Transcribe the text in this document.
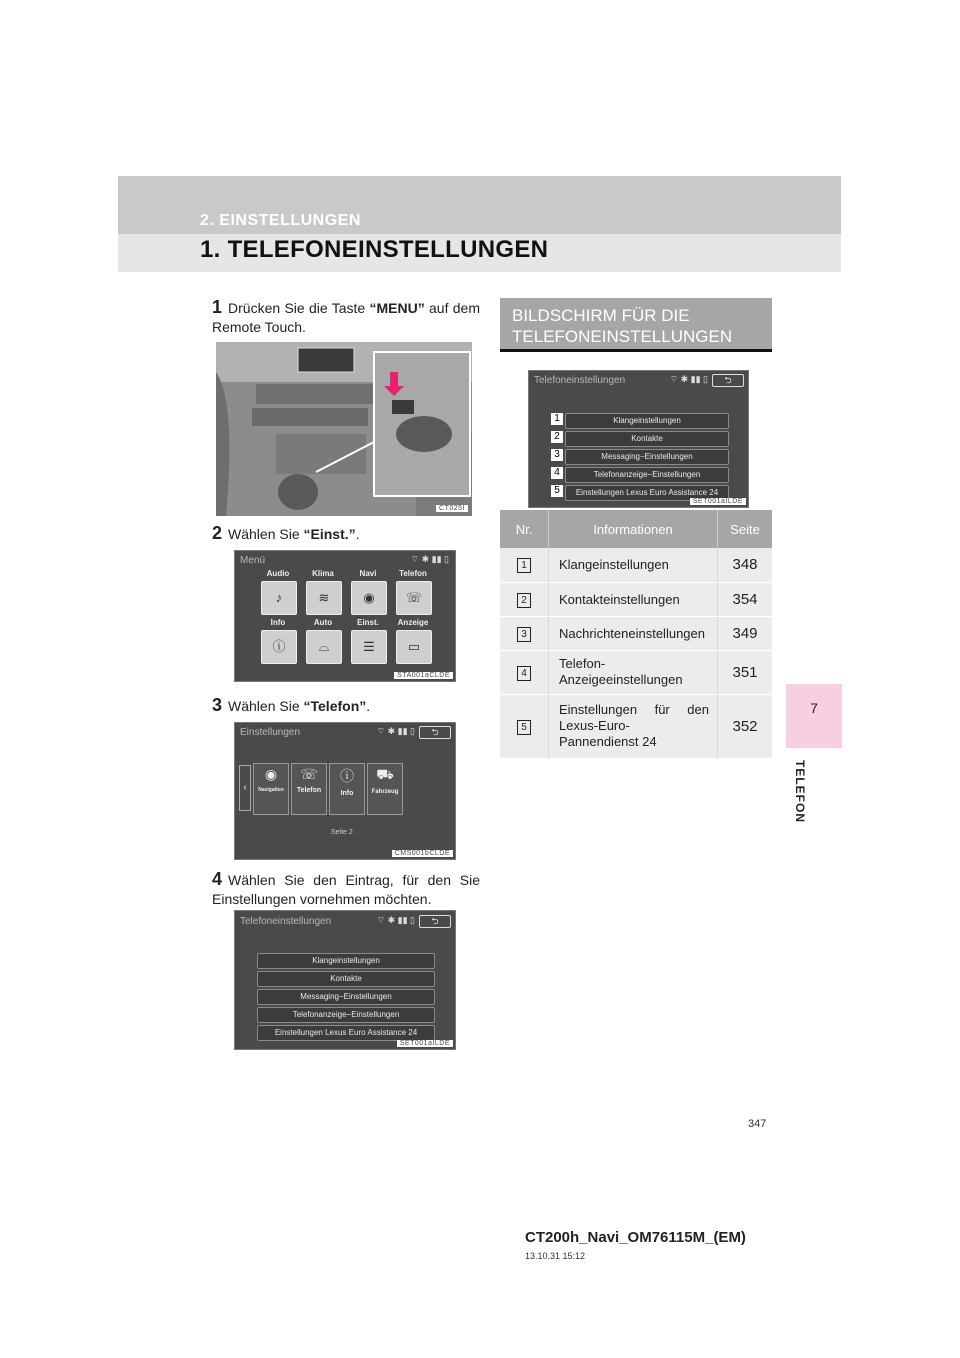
2. EINSTELLUNGEN
1. TELEFONEINSTELLUNGEN
7
TELEFON
1 Drücken Sie die Taste “MENU” auf dem Remote Touch.
CT025I
2 Wählen Sie “Einst.”.
Menü	⌔ ✱ ▮▮ ▯
Audio	Klima	Navi	Telefon
♪	≋	◉	☏
Info	Auto	Einst.	Anzeige
ⓘ	⌓	☰	▭
STA001aCLDE
3 Wählen Sie “Telefon”.
Einstellungen	⌔ ✱ ▮▮ ▯	⮌
‹
◉
Navigation
☏
Telefon
ⓘ
Info
⛟
Fahrzeug
Seite 2
CMS001bCLDE
4 Wählen Sie den Eintrag, für den Sie Einstellungen vornehmen möchten.
Telefoneinstellungen	⌔ ✱ ▮▮ ▯	⮌
Klangeinstellungen
Kontakte
Messaging−Einstellungen
Telefonanzeige−Einstellungen
Einstellungen Lexus Euro Assistance 24
SET001aILDE
BILDSCHIRM FÜR DIE
TELEFONEINSTELLUNGEN
Telefoneinstellungen	⌔ ✱ ▮▮ ▯	⮌
1	Klangeinstellungen
2	Kontakte
3	Messaging−Einstellungen
4	Telefonanzeige−Einstellungen
5	Einstellungen Lexus Euro Assistance 24
SET001aILDE
Nr.	Informationen	Seite
1	Klangeinstellungen	348
2	Kontakteinstellungen	354
3	Nachrichteneinstellungen	349
4	Telefon-
Anzeigeeinstellungen	351
5	Einstellungen für den Lexus-Euro-Pannendienst 24	352
347
CT200h_Navi_OM76115M_(EM)
13.10.31 15:12
